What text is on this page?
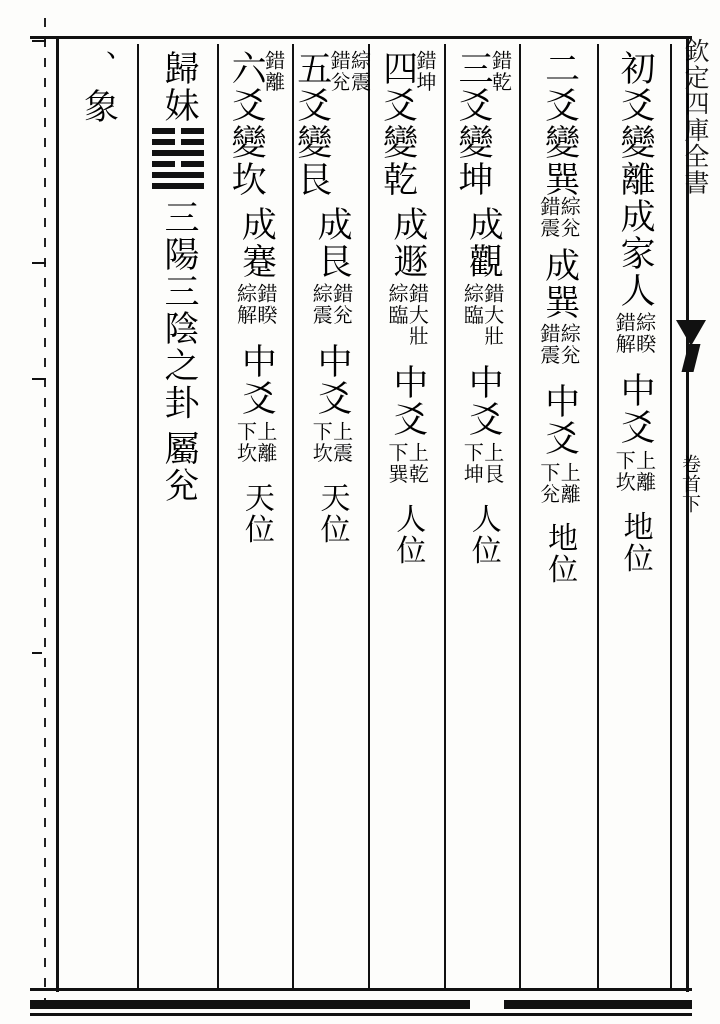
初爻變離
成家人
錯解
綜睽
中爻
下坎
上離
地位
二爻變巽
錯震
綜兊
成巽
錯震
綜兊
中爻
下兊
上離
地位
三爻變坤
錯乾
成觀
綜臨
錯大壯
中爻
下坤
上艮
人位
四爻變乾
錯坤
成遯
綜臨
錯大壯
中爻
下巽
上乾
人位
五爻變艮
錯兊
綜震
成艮
綜震
錯兊
中爻
下坎
上震
天位
六爻變坎
錯離
成蹇
綜解
錯睽
中爻
下坎
上離
天位
歸妹
三陽三陰之卦
屬兊
、
象	欽定四庫全書
卷首下
